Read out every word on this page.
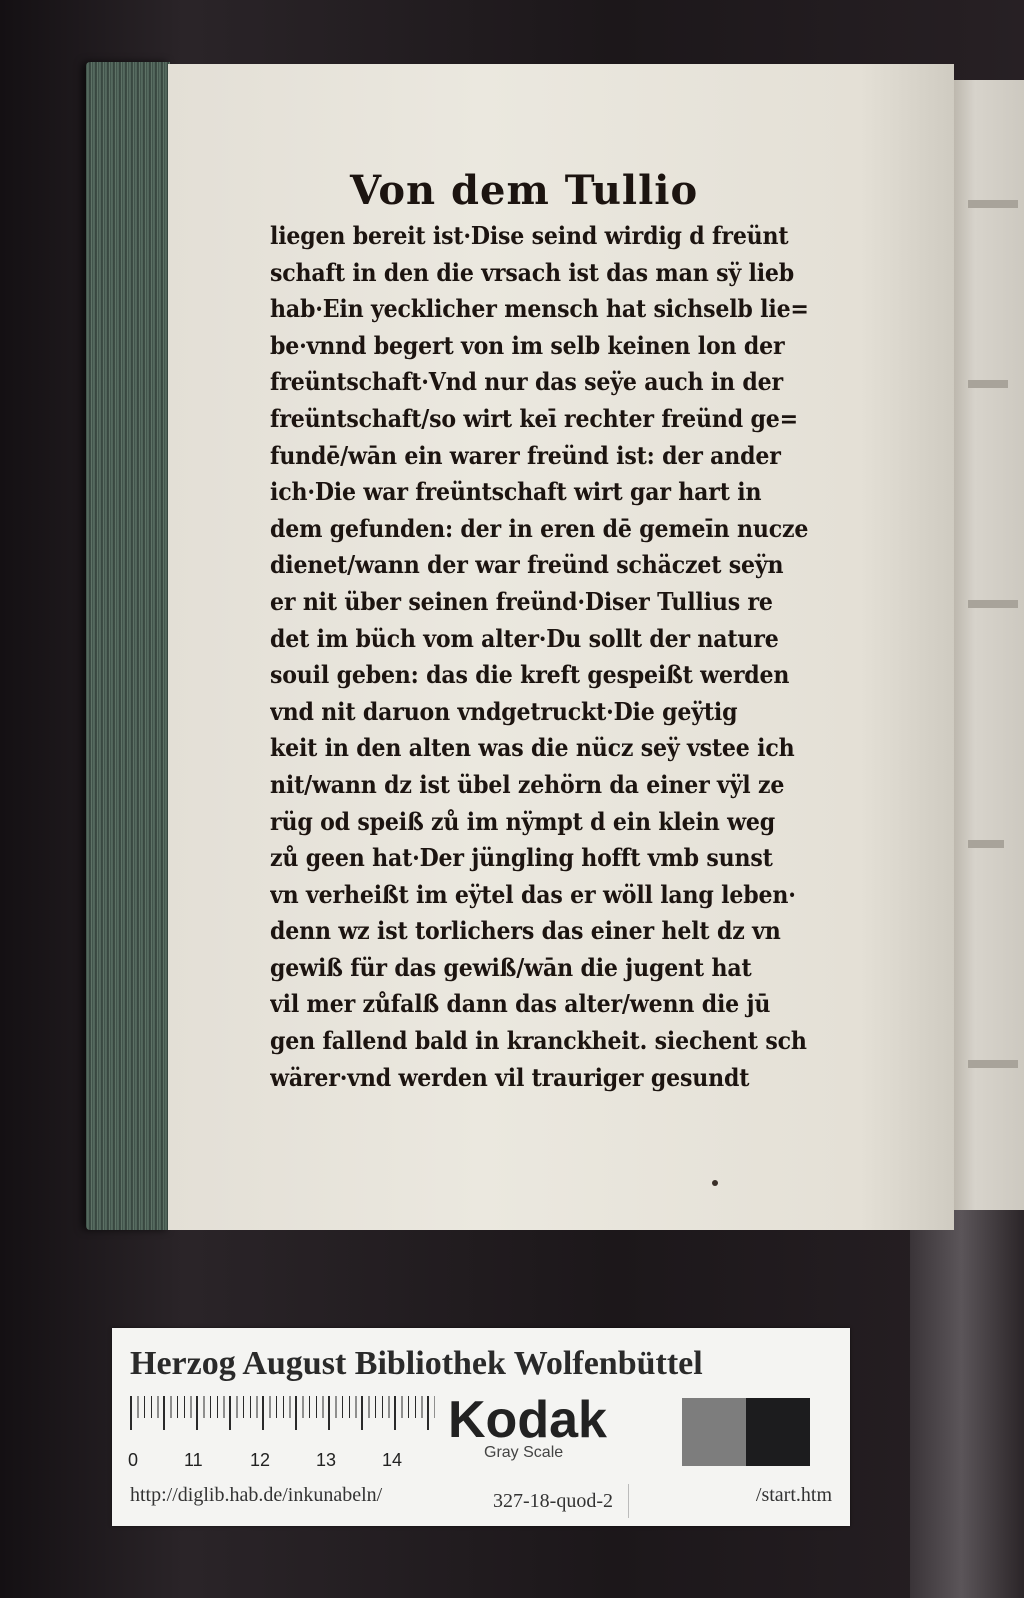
Von dem Tullio
liegen bereit ist·Dise seind wirdig d freünt
schaft in den die vrsach ist das man sÿ lieb
hab·Ein yecklicher mensch hat sichselb lie=
be·vnnd begert von im selb keinen lon der
freüntschaft·Vnd nur das seÿe auch in der
freüntschaft/so wirt keī rechter freünd ge=
fundē/wān ein warer freünd ist: der ander
ich·Die war freüntschaft wirt gar hart in
dem gefunden: der in eren dē gemeīn nucze
dienet/wann der war freünd schäczet seÿn
er nit über seinen freünd·Diser Tullius re
det im büch vom alter·Du sollt der nature
souil geben: das die kreft gespeißt werden
vnd nit daruon vndgetruckt·Die geÿtig
keit in den alten was die nücz seÿ vstee ich
nit/wann dz ist übel zehörn da einer vÿl ze
rüg od speiß zů im nÿmpt d ein klein weg
zů geen hat·Der jüngling hofft vmb sunst
vn verheißt im eÿtel das er wöll lang leben·
denn wz ist torlichers das einer helt dz vn
gewiß für das gewiß/wān die jugent hat
vil mer zůfalß dann das alter/wenn die jū
gen fallend bald in kranckheit. siechent sch
wärer·vnd werden vil trauriger gesundt
Herzog August Bibliothek Wolfenbüttel
0	11	12	13	14
Kodak
Gray Scale
http://diglib.hab.de/inkunabeln/	327-18-quod-2	/start.htm
